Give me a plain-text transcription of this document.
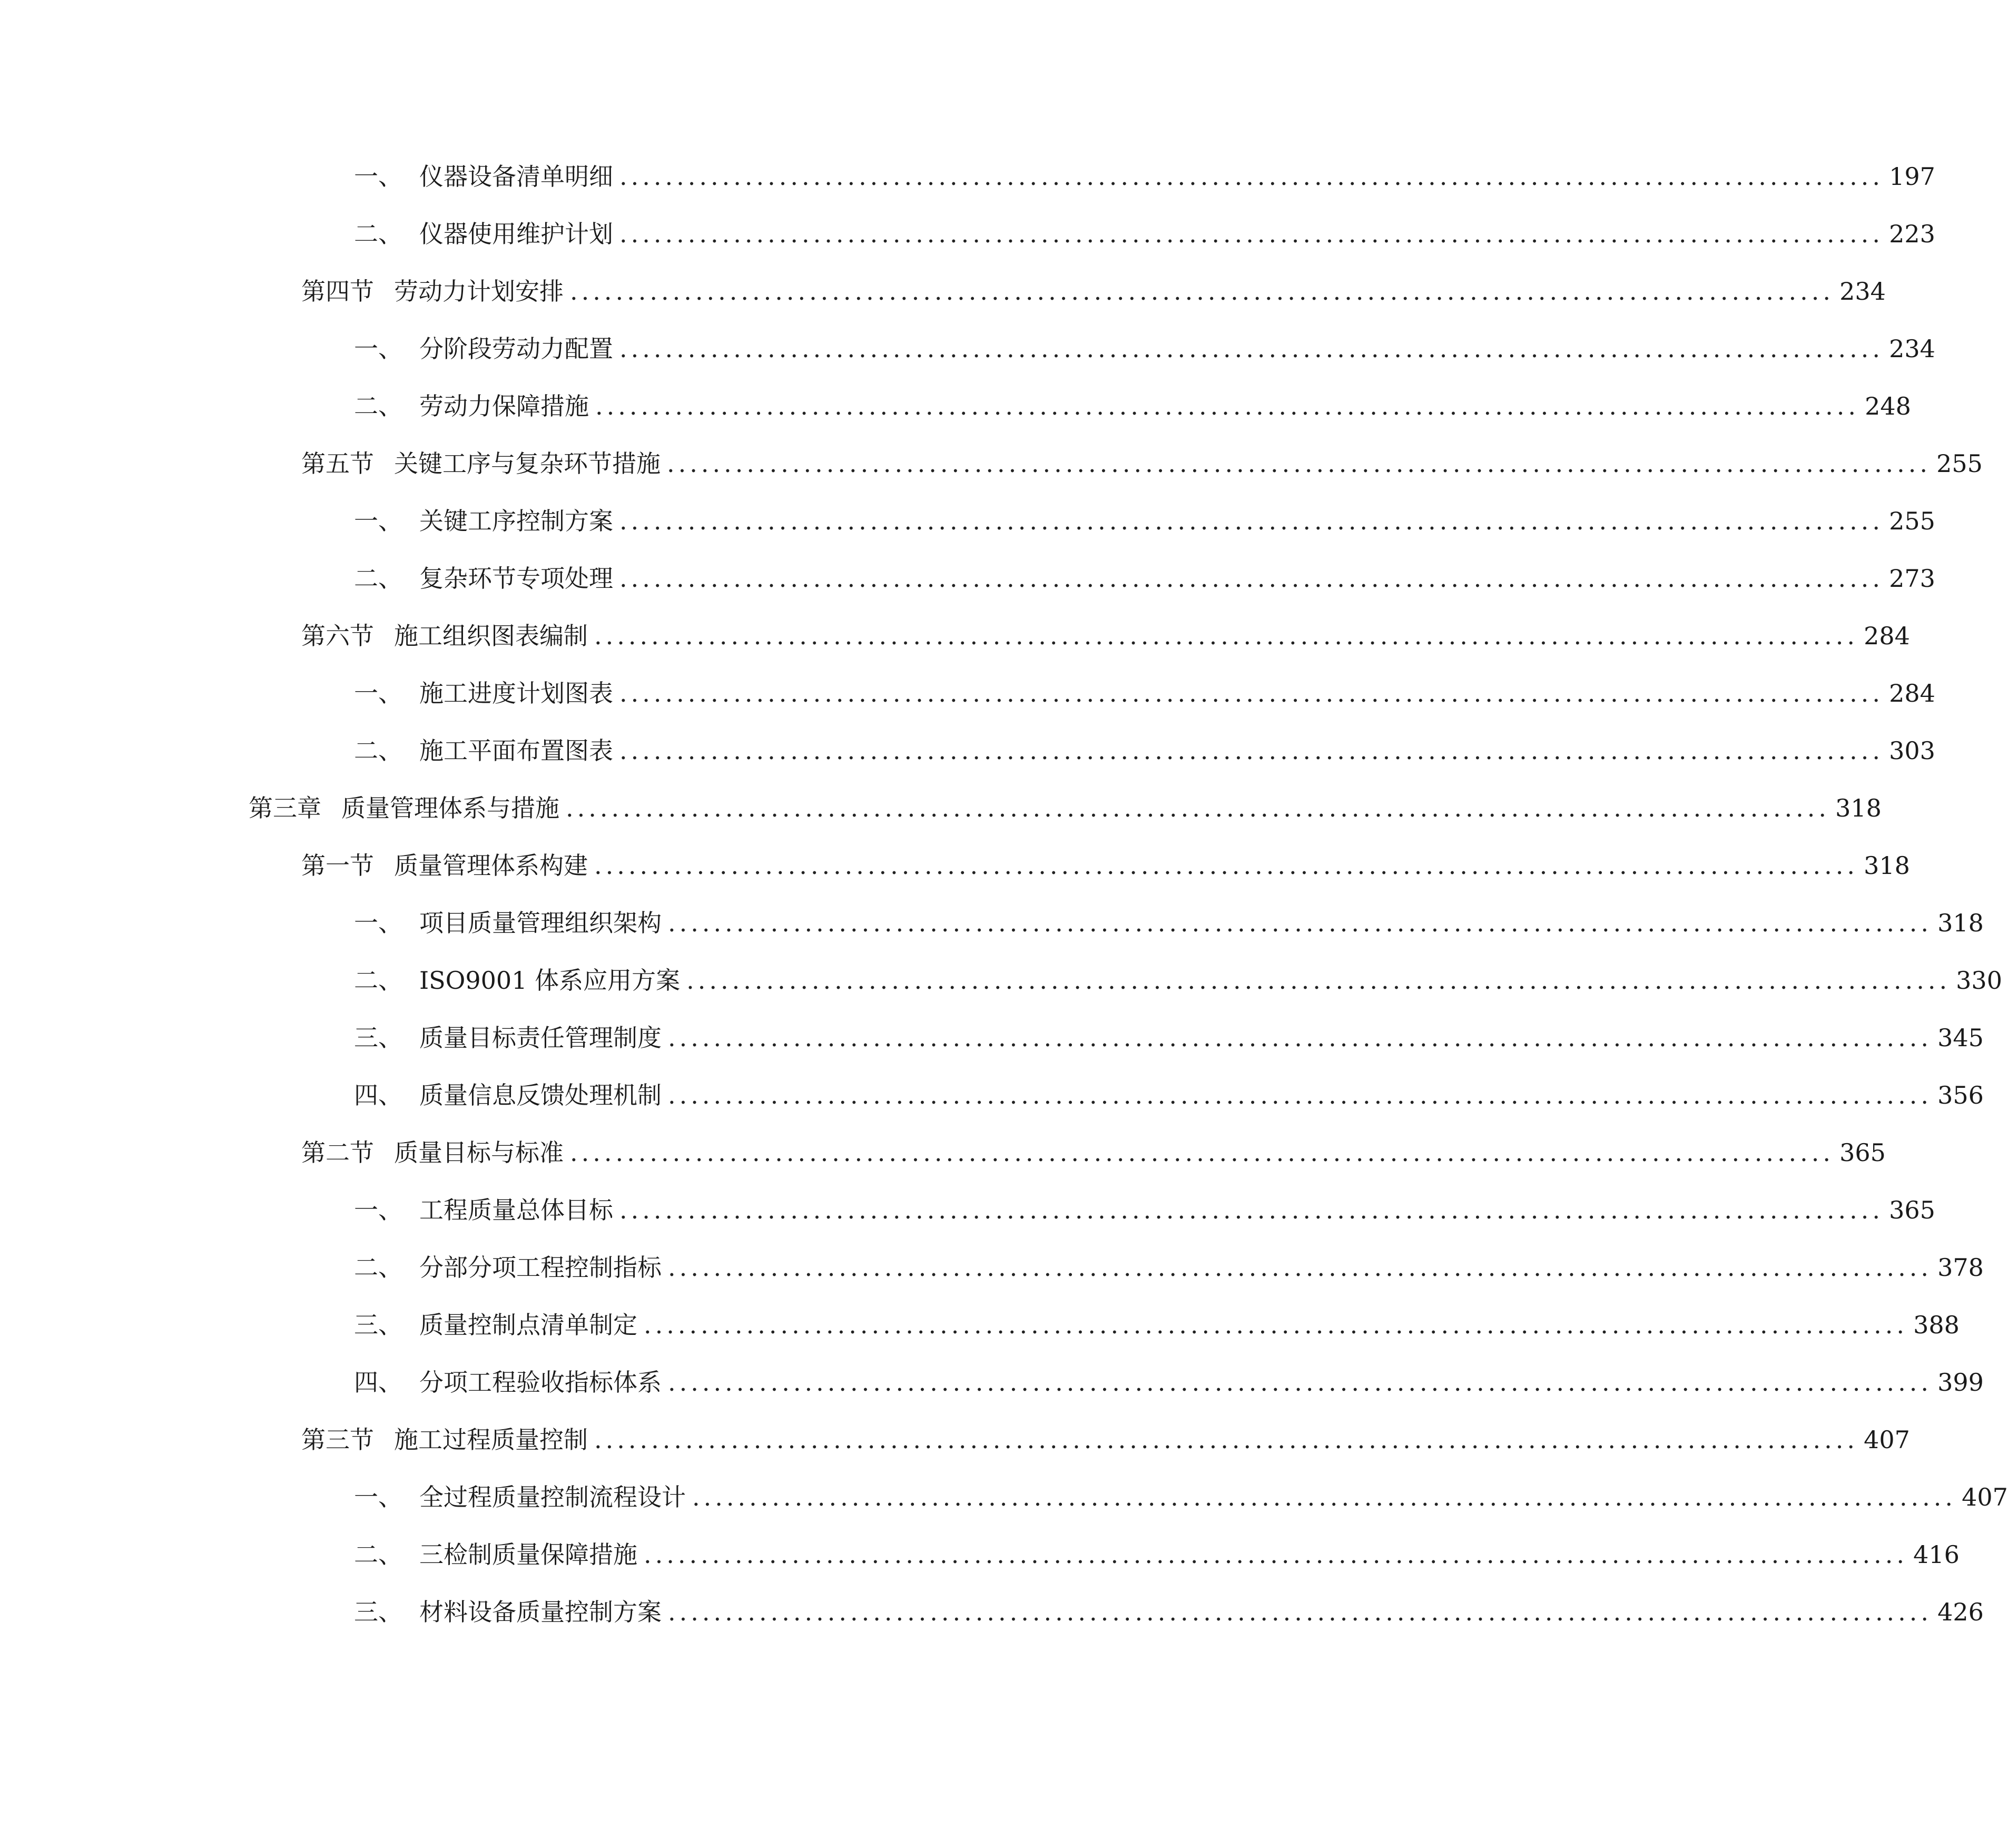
一、 仪器设备清单明细 ............................................................................................................... 197
二、 仪器使用维护计划 ............................................................................................................... 223
第四节 劳动力计划安排 ............................................................................................................... 234
一、 分阶段劳动力配置 ............................................................................................................... 234
二、 劳动力保障措施 ............................................................................................................... 248
第五节 关键工序与复杂环节措施 ............................................................................................................... 255
一、 关键工序控制方案 ............................................................................................................... 255
二、 复杂环节专项处理 ............................................................................................................... 273
第六节 施工组织图表编制 ............................................................................................................... 284
一、 施工进度计划图表 ............................................................................................................... 284
二、 施工平面布置图表 ............................................................................................................... 303
第三章 质量管理体系与措施 ............................................................................................................... 318
第一节 质量管理体系构建 ............................................................................................................... 318
一、 项目质量管理组织架构 ............................................................................................................... 318
二、 ISO9001 体系应用方案 ............................................................................................................... 330
三、 质量目标责任管理制度 ............................................................................................................... 345
四、 质量信息反馈处理机制 ............................................................................................................... 356
第二节 质量目标与标准 ............................................................................................................... 365
一、 工程质量总体目标 ............................................................................................................... 365
二、 分部分项工程控制指标 ............................................................................................................... 378
三、 质量控制点清单制定 ............................................................................................................... 388
四、 分项工程验收指标体系 ............................................................................................................... 399
第三节 施工过程质量控制 ............................................................................................................... 407
一、 全过程质量控制流程设计 ............................................................................................................... 407
二、 三检制质量保障措施 ............................................................................................................... 416
三、 材料设备质量控制方案 ............................................................................................................... 426
